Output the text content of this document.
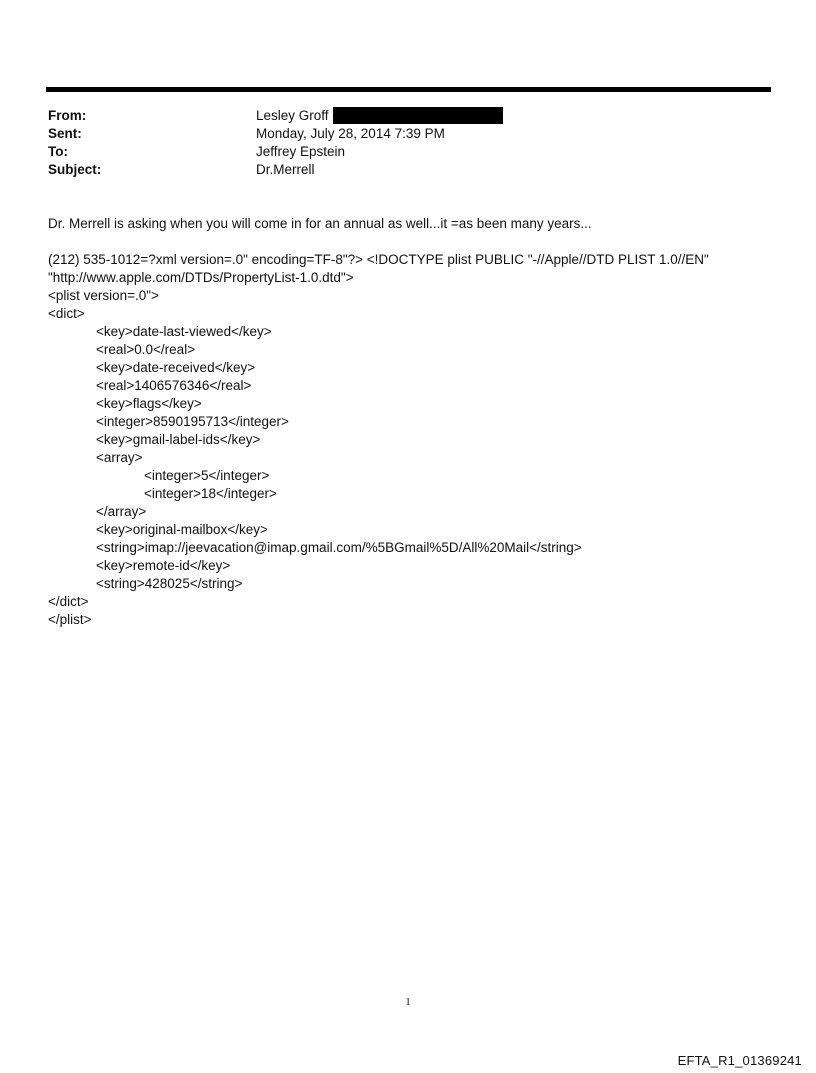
From:	Lesley Groff
Sent:	Monday, July 28, 2014 7:39 PM
To:	Jeffrey Epstein
Subject:	Dr.Merrell
Dr. Merrell is asking when you will come in for an annual as well...it =as been many years...
(212) 535-1012=?xml version=.0" encoding=TF-8"?> <!DOCTYPE plist PUBLIC "-//Apple//DTD PLIST 1.0//EN"
"http://www.apple.com/DTDs/PropertyList-1.0.dtd">
<plist version=.0">
<dict>
<key>date-last-viewed</key>
<real>0.0</real>
<key>date-received</key>
<real>1406576346</real>
<key>flags</key>
<integer>8590195713</integer>
<key>gmail-label-ids</key>
<array>
<integer>5</integer>
<integer>18</integer>
</array>
<key>original-mailbox</key>
<string>imap://jeevacation@imap.gmail.com/%5BGmail%5D/All%20Mail</string>
<key>remote-id</key>
<string>428025</string>
</dict>
</plist>
1
EFTA_R1_01369241
